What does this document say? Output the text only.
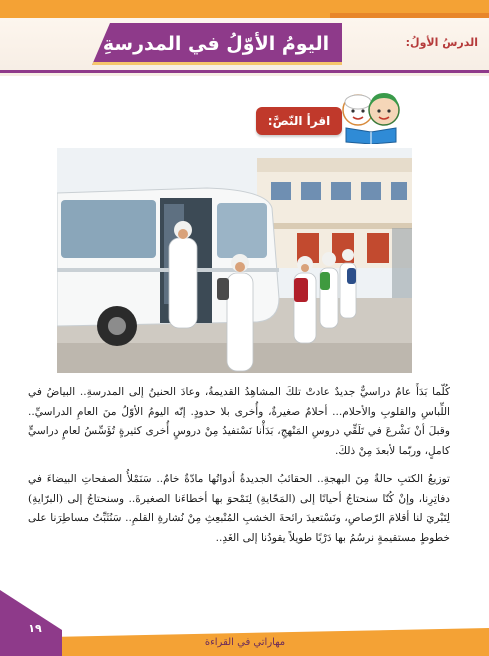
اليومُ الأوّلُ في المدرسةِ	الدرسُ الأولُ:
اقرأ النّصَّ:
كُلّما بَدَأَ عامٌ دراسيٌّ جديدٌ عادتْ تلكَ المشاهِدُ القديمةُ، وعادَ الحنينُ إلى المدرسةِ.. البياضُ في اللِّباسِ والقلوبِ والأحلام... أحلامٌ صغيرةٌ، وأُخرى بلا حدودٍ. إنّه اليومُ الأوّلُ منَ العامِ الدراسيِّ.. وقبلَ أنْ نَشْرعَ في تَلَقِّي دروسِ المَنْهجِ، بَدَأْنا نَسْتفيدُ مِنْ دروسٍ أُخرى كثيرةٍ تُؤَسِّسُ لعامٍ دراسيٍّ كاملٍ، وربّما لأبعدَ مِنْ ذلكَ.
توزيعُ الكتبِ حالةٌ مِنَ البهجةِ.. الحقائبُ الجديدةُ أدواتُها مادّةٌ خامٌ.. سَنَمْلأُ الصفحاتِ البيضاءَ في دفاتِرِنا، وإنْ كُنّا سنحتاجُ أحيانًا إلى (المَحّايةِ) لِنَمْحوَ بها أخطاءَنا الصغيرةَ.. وسنحتاجُ إلى (البرّايةِ) لِتَبْريَ لنا أقلامَ الرّصاصِ، ونَسْتعيدَ رائحةَ الخشبِ المُنْبعِثِ مِنْ نُشارةِ القلمِ.. سَنُثَبِّتُ مساطِرَنا على خطوطٍ مستقيمةٍ نرسُمُ بها دَرْبًا طويلاً يقودُنا إلى الغَدِ..
١٩
مهاراتي في القراءة
